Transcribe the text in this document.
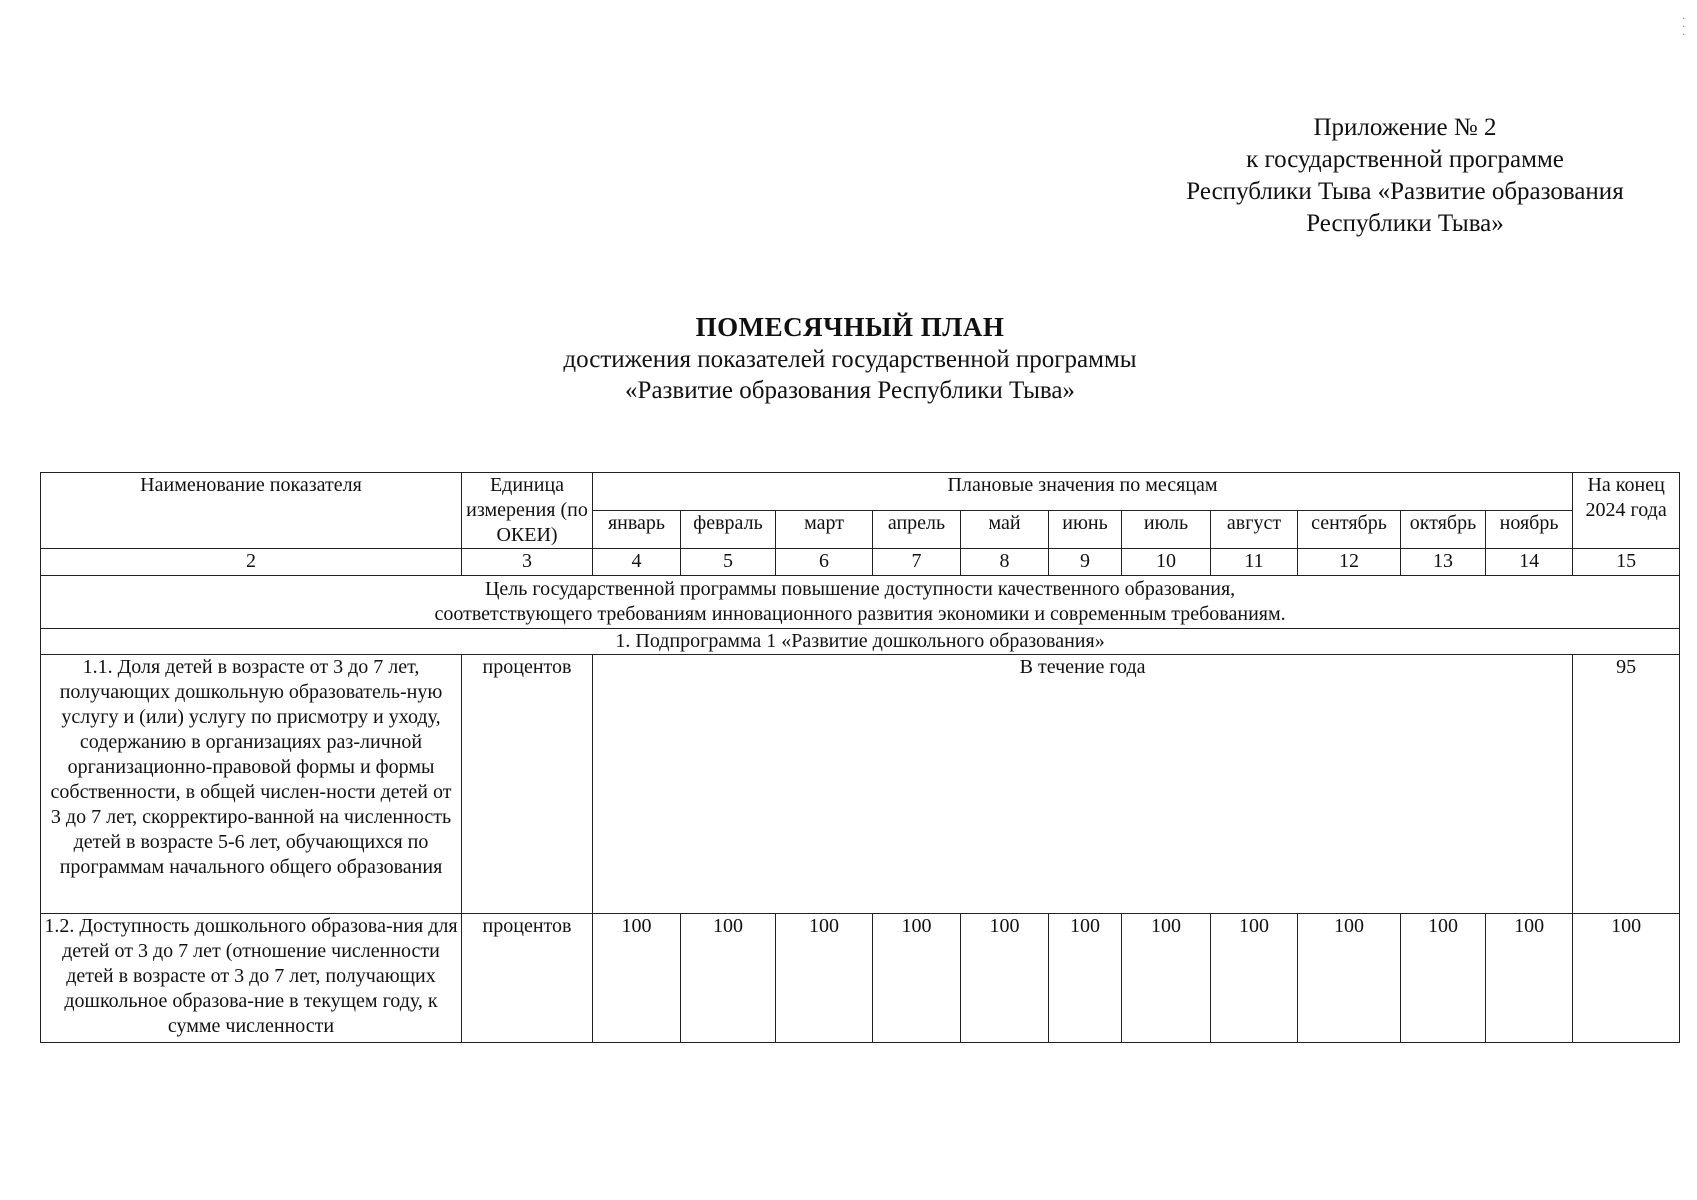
·
·
·
Приложение № 2
к государственной программе
Республики Тыва «Развитие образования
Республики Тыва»
ПОМЕСЯЧНЫЙ ПЛАН
достижения показателей государственной программы
«Развитие образования Республики Тыва»
Наименование показателя	Единица измерения (по ОКЕИ)	Плановые значения по месяцам											На конец 2024 года
		январь	февраль	март	апрель	май	июнь	июль	август	сентябрь	октябрь	ноябрь	
2	3	4	5	6	7	8	9	10	11	12	13	14	15

Цель государственной программы повышение доступности качественного образования,
соответствующего требованиям инновационного развития экономики и современным требованиям.													

1. Подпрограмма 1 «Развитие дошкольного образования»													
1.1. Доля детей в возрасте от 3 до 7 лет, получающих дошкольную образователь-ную услугу и (или) услугу по присмотру и уходу, содержанию в организациях раз-личной организационно-правовой формы и формы собственности, в общей числен-ности детей от 3 до 7 лет, скорректиро-ванной на численность детей в возрасте 5-6 лет, обучающихся по программам начального общего образования	процентов	В течение года											95
1.2. Доступность дошкольного образова-ния для детей от 3 до 7 лет (отношение численности детей в возрасте от 3 до 7 лет, получающих дошкольное образова-ние в текущем году, к сумме численности	процентов	100	100	100	100	100	100	100	100	100	100	100	100
